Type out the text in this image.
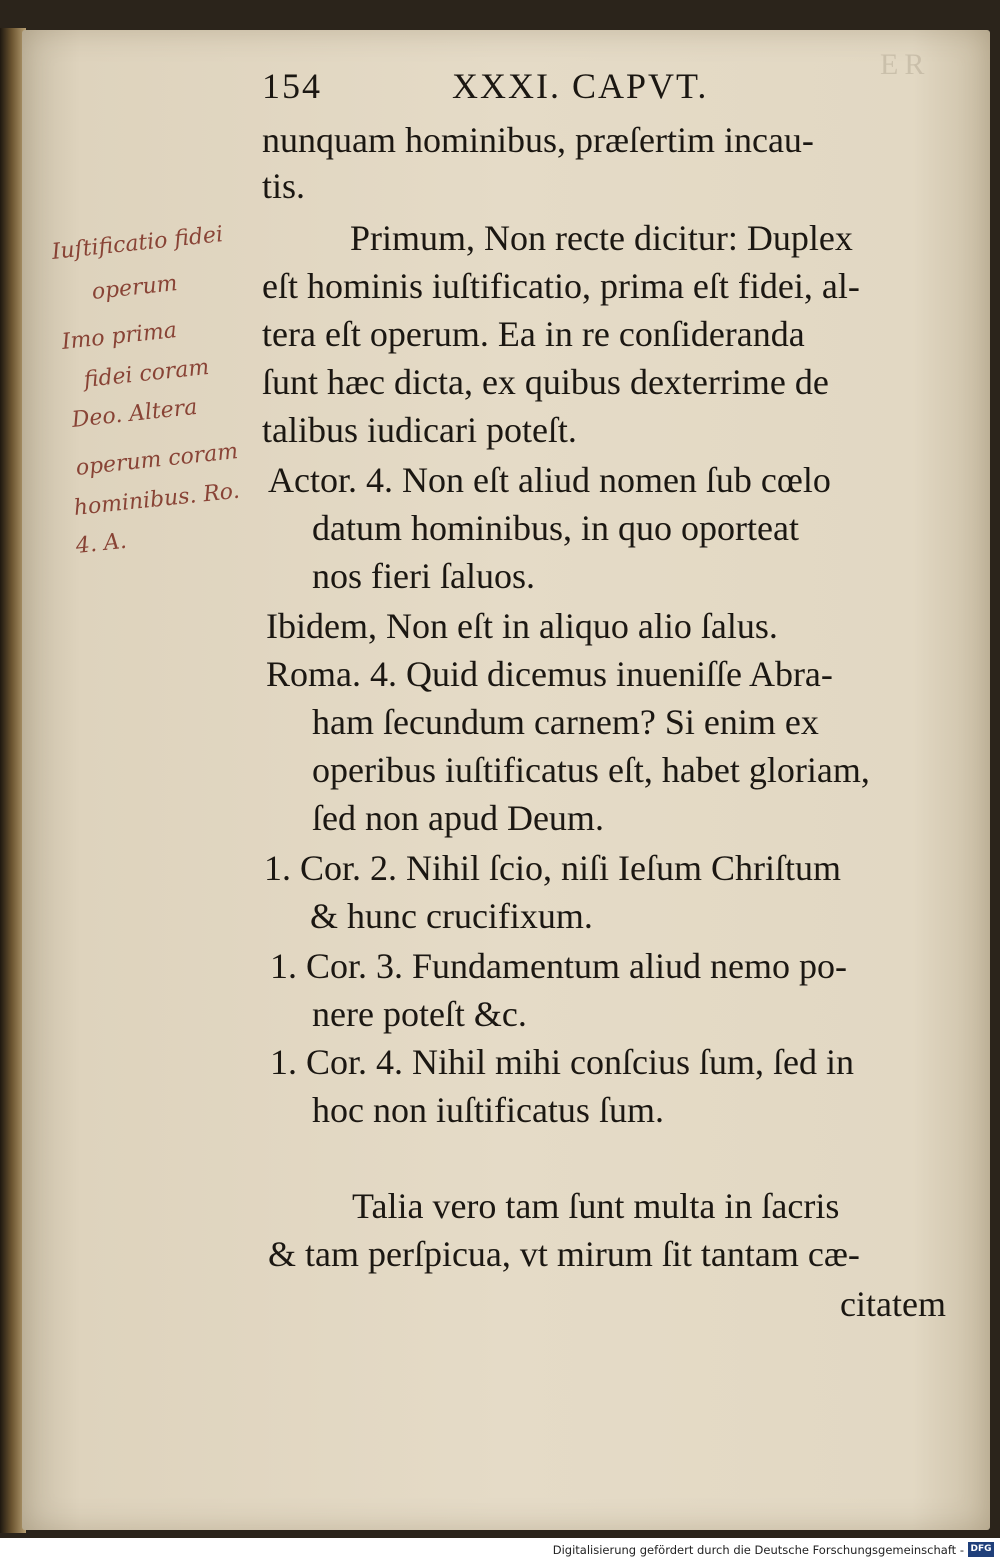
ER
154	XXXI. CAPVT.
nunquam hominibus, præſertim incau-
tis.
Primum, Non recte dicitur: Duplex
eſt hominis iuſtificatio, prima eſt fidei, al-
tera eſt operum. Ea in re conſideranda
ſunt hæc dicta, ex quibus dexterrime de
talibus iudicari poteſt.
Actor. 4. Non eſt aliud nomen ſub cœlo
datum hominibus, in quo oporteat
nos fieri ſaluos.
Ibidem, Non eſt in aliquo alio ſalus.
Roma. 4. Quid dicemus inueniſſe Abra-
ham ſecundum carnem? Si enim ex
operibus iuſtificatus eſt, habet gloriam,
ſed non apud Deum.
1. Cor. 2. Nihil ſcio, niſi Ieſum Chriſtum
& hunc crucifixum.
1. Cor. 3. Fundamentum aliud nemo po-
nere poteſt &c.
1. Cor. 4. Nihil mihi conſcius ſum, ſed in
hoc non iuſtificatus ſum.
Talia vero tam ſunt multa in ſacris
& tam perſpicua, vt mirum ſit tantam cæ-
citatem
Iuſtificatio fidei
operum
Imo prima
fidei coram
Deo. Altera
operum coram
hominibus. Ro.
4. A.
Digitalisierung gefördert durch die Deutsche Forschungsgemeinschaft - DFG
